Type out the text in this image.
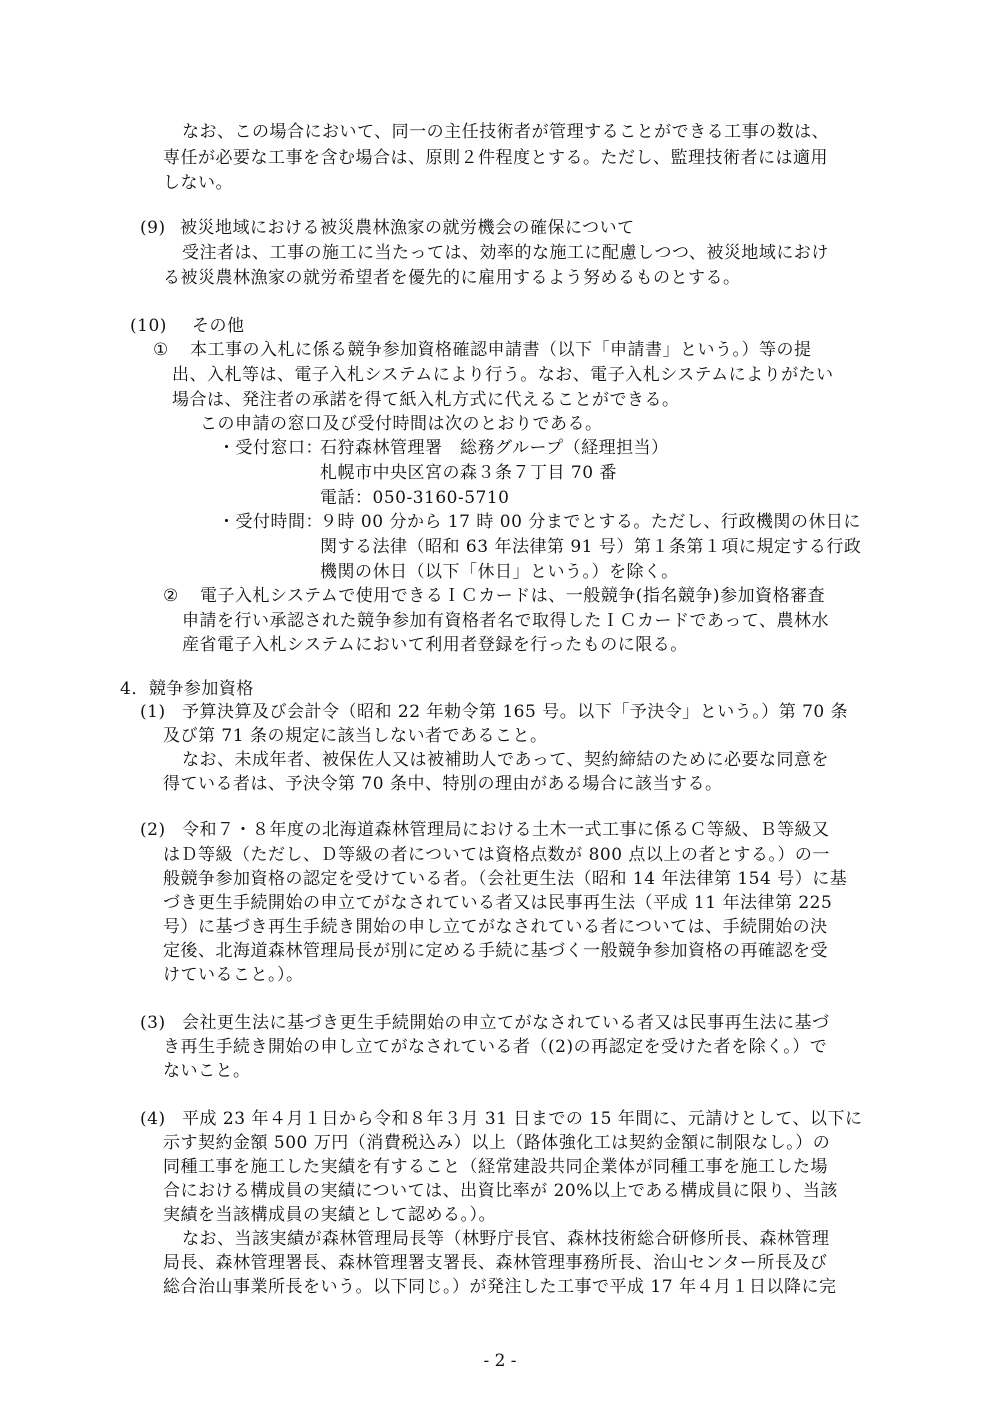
なお、この場合において、同一の主任技術者が管理することができる工事の数は、

専任が必要な工事を含む場合は、原則２件程度とする。ただし、監理技術者には適用

しない。

(9) 被災地域における被災農林漁家の就労機会の確保について

受注者は、工事の施工に当たっては、効率的な施工に配慮しつつ、被災地域におけ

る被災農林漁家の就労希望者を優先的に雇用するよう努めるものとする。

(10) その他

① 本工事の入札に係る競争参加資格確認申請書（以下「申請書」という。）等の提

出、入札等は、電子入札システムにより行う。なお、電子入札システムによりがたい

場合は、発注者の承諾を得て紙入札方式に代えることができる。

この申請の窓口及び受付時間は次のとおりである。

・受付窓口：

石狩森林管理署　総務グループ（経理担当）

札幌市中央区宮の森３条７丁目 70 番

電話：050-3160-5710

・受付時間：

９時 00 分から 17 時 00 分までとする。ただし、行政機関の休日に

関する法律（昭和 63 年法律第 91 号）第１条第１項に規定する行政

機関の休日（以下「休日」という。）を除く。

② 電子入札システムで使用できるＩＣカードは、一般競争(指名競争)参加資格審査

申請を行い承認された競争参加有資格者名で取得したＩＣカードであって、農林水

産省電子入札システムにおいて利用者登録を行ったものに限る。

4．競争参加資格

(1) 予算決算及び会計令（昭和 22 年勅令第 165 号。以下「予決令」という。）第 70 条

及び第 71 条の規定に該当しない者であること。

なお、未成年者、被保佐人又は被補助人であって、契約締結のために必要な同意を

得ている者は、予決令第 70 条中、特別の理由がある場合に該当する。

(2) 令和７・８年度の北海道森林管理局における土木一式工事に係るＣ等級、Ｂ等級又

はＤ等級（ただし、Ｄ等級の者については資格点数が 800 点以上の者とする。）の一

般競争参加資格の認定を受けている者。（会社更生法（昭和 14 年法律第 154 号）に基

づき更生手続開始の申立てがなされている者又は民事再生法（平成 11 年法律第 225

号）に基づき再生手続き開始の申し立てがなされている者については、手続開始の決

定後、北海道森林管理局長が別に定める手続に基づく一般競争参加資格の再確認を受

けていること。）。

(3) 会社更生法に基づき更生手続開始の申立てがなされている者又は民事再生法に基づ

き再生手続き開始の申し立てがなされている者（(2)の再認定を受けた者を除く。）で

ないこと。

(4) 平成 23 年４月１日から令和８年３月 31 日までの 15 年間に、元請けとして、以下に

示す契約金額 500 万円（消費税込み）以上（路体強化工は契約金額に制限なし。）の

同種工事を施工した実績を有すること（経常建設共同企業体が同種工事を施工した場

合における構成員の実績については、出資比率が 20%以上である構成員に限り、当該

実績を当該構成員の実績として認める。）。

なお、当該実績が森林管理局長等（林野庁長官、森林技術総合研修所長、森林管理

局長、森林管理署長、森林管理署支署長、森林管理事務所長、治山センター所長及び

総合治山事業所長をいう。以下同じ。）が発注した工事で平成 17 年４月１日以降に完

- 2 -
